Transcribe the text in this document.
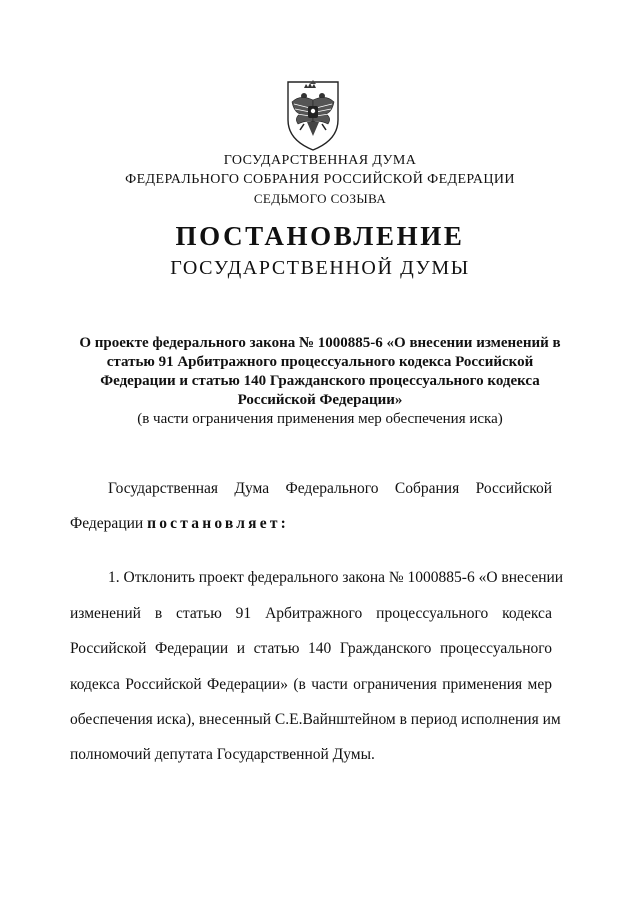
ГОСУДАРСТВЕННАЯ ДУМА
ФЕДЕРАЛЬНОГО СОБРАНИЯ РОССИЙСКОЙ ФЕДЕРАЦИИ
СЕДЬМОГО СОЗЫВА
ПОСТАНОВЛЕНИЕ
ГОСУДАРСТВЕННОЙ ДУМЫ
О проекте федерального закона № 1000885-6 «О внесении изменений в
статью 91 Арбитражного процессуального кодекса Российской
Федерации и статью 140 Гражданского процессуального кодекса
Российской Федерации»
(в части ограничения применения мер обеспечения иска)
Государственная Дума Федерального Собрания Российской
Федерации постановляет:
1. Отклонить проект федерального закона № 1000885-6 «О внесении
изменений в статью 91 Арбитражного процессуального кодекса
Российской Федерации и статью 140 Гражданского процессуального
кодекса Российской Федерации» (в части ограничения применения мер
обеспечения иска), внесенный С.Е.Вайнштейном в период исполнения им
полномочий депутата Государственной Думы.
